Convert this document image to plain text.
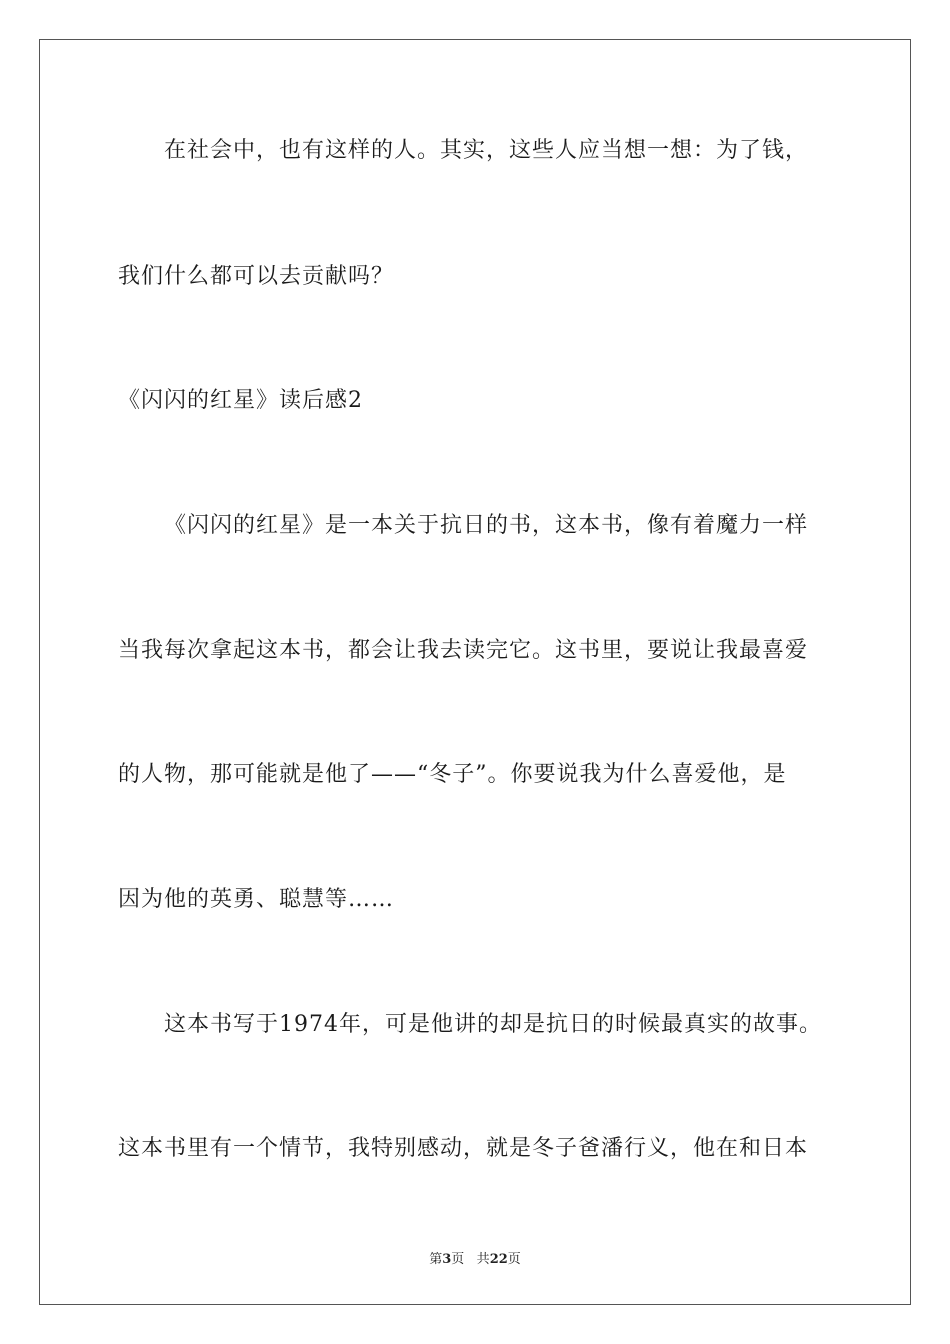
在社会中，也有这样的人。其实，这些人应当想一想：为了钱，
我们什么都可以去贡献吗？
《闪闪的红星》读后感2
《闪闪的红星》是一本关于抗日的书，这本书，像有着魔力一样
当我每次拿起这本书，都会让我去读完它。这书里，要说让我最喜爱
的人物，那可能就是他了——“冬子”。你要说我为什么喜爱他，是
因为他的英勇、聪慧等……
这本书写于1974年，可是他讲的却是抗日的时候最真实的故事。
这本书里有一个情节，我特别感动，就是冬子爸潘行义，他在和日本
第3页 共22页
